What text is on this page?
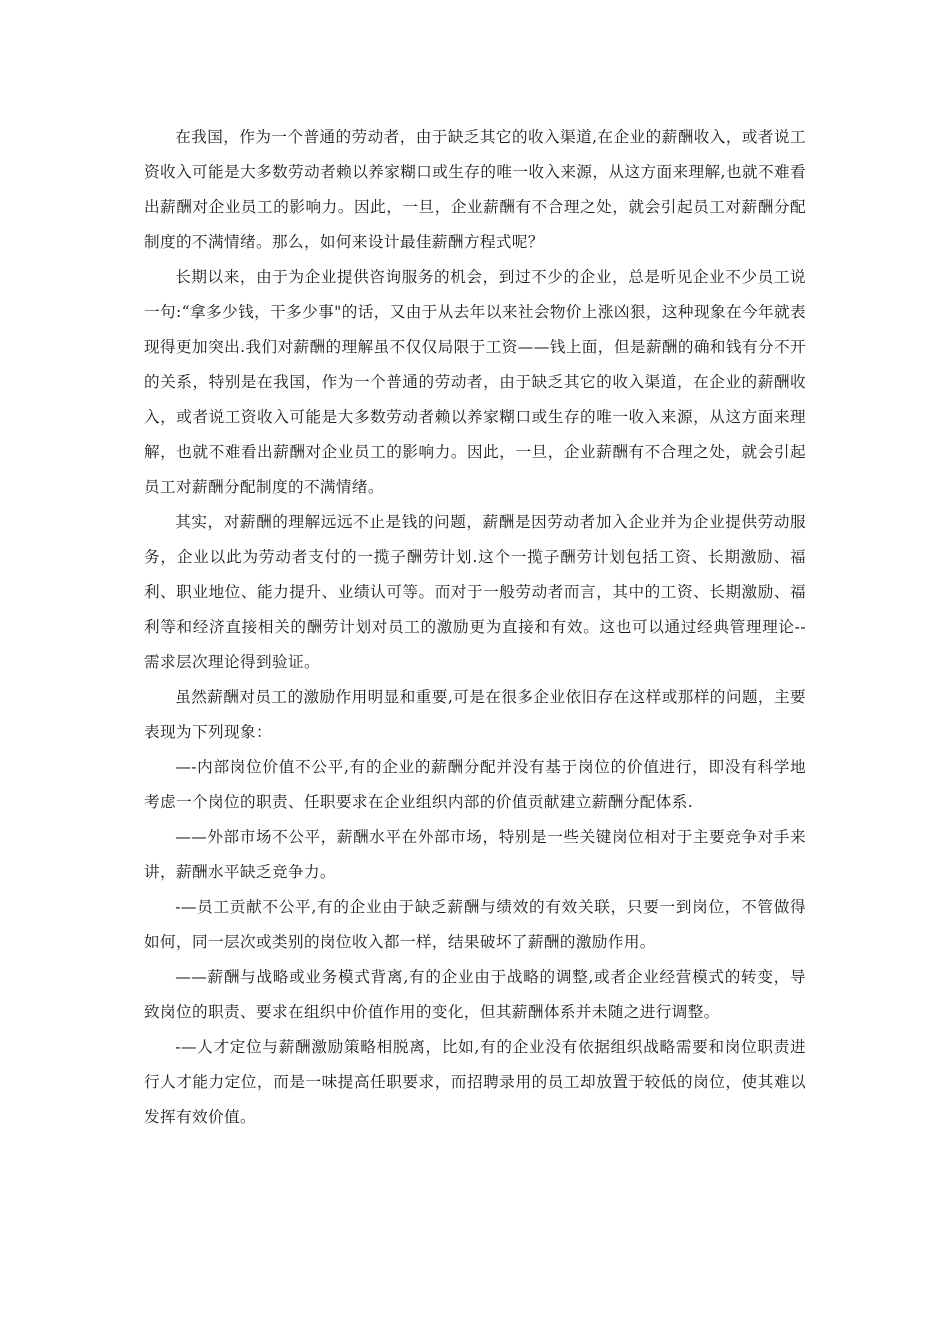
在我国，作为一个普通的劳动者，由于缺乏其它的收入渠道,在企业的薪酬收入，或者说工资收入可能是大多数劳动者赖以养家糊口或生存的唯一收入来源，从这方面来理解,也就不难看出薪酬对企业员工的影响力。因此，一旦，企业薪酬有不合理之处，就会引起员工对薪酬分配制度的不满情绪。那么，如何来设计最佳薪酬方程式呢？

长期以来，由于为企业提供咨询服务的机会，到过不少的企业，总是听见企业不少员工说一句:“拿多少钱，干多少事"的话，又由于从去年以来社会物价上涨凶狠，这种现象在今年就表现得更加突出.我们对薪酬的理解虽不仅仅局限于工资——钱上面，但是薪酬的确和钱有分不开的关系，特别是在我国，作为一个普通的劳动者，由于缺乏其它的收入渠道，在企业的薪酬收入，或者说工资收入可能是大多数劳动者赖以养家糊口或生存的唯一收入来源，从这方面来理解，也就不难看出薪酬对企业员工的影响力。因此，一旦，企业薪酬有不合理之处，就会引起员工对薪酬分配制度的不满情绪。

其实，对薪酬的理解远远不止是钱的问题，薪酬是因劳动者加入企业并为企业提供劳动服务，企业以此为劳动者支付的一揽子酬劳计划.这个一揽子酬劳计划包括工资、长期激励、福利、职业地位、能力提升、业绩认可等。而对于一般劳动者而言，其中的工资、长期激励、福利等和经济直接相关的酬劳计划对员工的激励更为直接和有效。这也可以通过经典管理理论--需求层次理论得到验证。

虽然薪酬对员工的激励作用明显和重要,可是在很多企业依旧存在这样或那样的问题，主要表现为下列现象：

—-内部岗位价值不公平,有的企业的薪酬分配并没有基于岗位的价值进行，即没有科学地考虑一个岗位的职责、任职要求在企业组织内部的价值贡献建立薪酬分配体系.

——外部市场不公平，薪酬水平在外部市场，特别是一些关键岗位相对于主要竞争对手来讲，薪酬水平缺乏竞争力。

-—员工贡献不公平,有的企业由于缺乏薪酬与绩效的有效关联，只要一到岗位，不管做得如何，同一层次或类别的岗位收入都一样，结果破坏了薪酬的激励作用。

——薪酬与战略或业务模式背离,有的企业由于战略的调整,或者企业经营模式的转变，导致岗位的职责、要求在组织中价值作用的变化，但其薪酬体系并未随之进行调整。

-—人才定位与薪酬激励策略相脱离，比如,有的企业没有依据组织战略需要和岗位职责进行人才能力定位，而是一味提高任职要求，而招聘录用的员工却放置于较低的岗位，使其难以发挥有效价值。
